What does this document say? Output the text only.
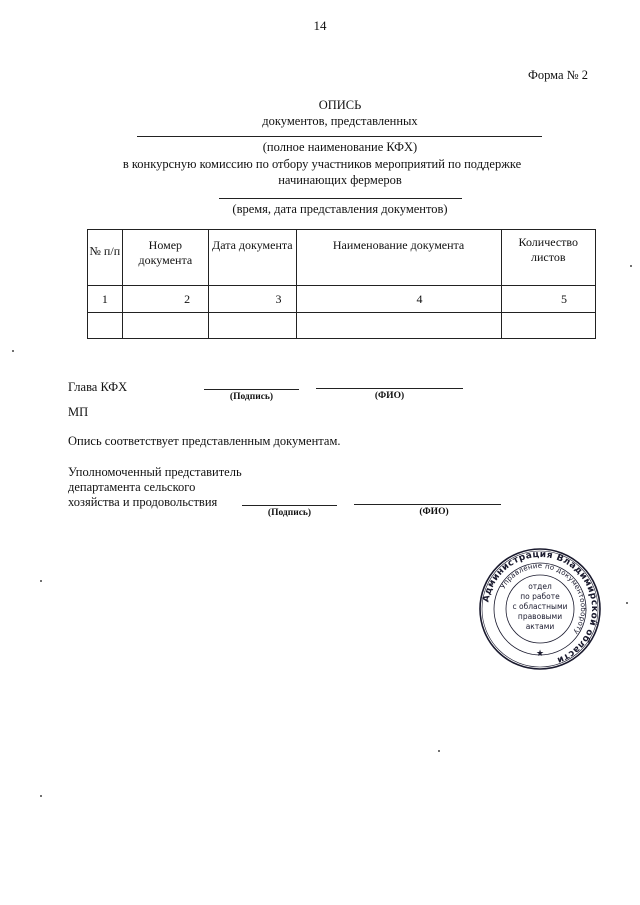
14
Форма № 2
ОПИСЬ
документов, представленных
(полное наименование КФХ)
в конкурсную комиссию по отбору участников мероприятий по поддержке
начинающих фермеров
(время, дата представления документов)
№ п/п	Номер документа	Дата документа	Наименование документа	Количество листов
1	2	3	4	5

Глава КФХ
(Подпись)	(ФИО)
МП
Опись соответствует представленным документам.
Уполномоченный представитель
департамента сельского
хозяйства и продовольствия
(Подпись)	(ФИО)
Администрация Владимирской области
Управление по документообороту
отдел
по работе
с областными
правовыми
актами
★
